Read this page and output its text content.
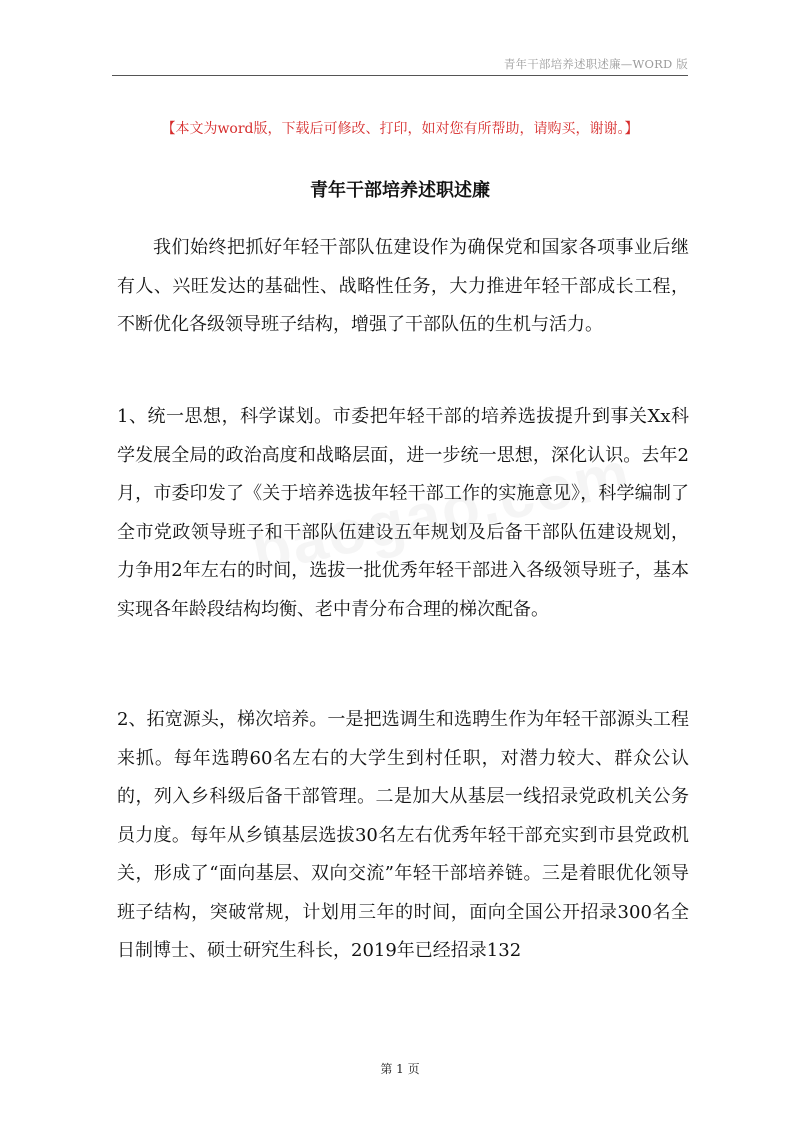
青年干部培养述职述廉—WORD 版
【本文为word版，下载后可修改、打印，如对您有所帮助，请购买，谢谢。】
青年干部培养述职述廉

我们始终把抓好年轻干部队伍建设作为确保党和国家各项事业后继有人、兴旺发达的基础性、战略性任务，大力推进年轻干部成长工程，不断优化各级领导班子结构，增强了干部队伍的生机与活力。

1、统一思想，科学谋划。市委把年轻干部的培养选拔提升到事关Xx科学发展全局的政治高度和战略层面，进一步统一思想，深化认识。去年2月，市委印发了《关于培养选拔年轻干部工作的实施意见》，科学编制了全市党政领导班子和干部队伍建设五年规划及后备干部队伍建设规划，力争用2年左右的时间，选拔一批优秀年轻干部进入各级领导班子，基本实现各年龄段结构均衡、老中青分布合理的梯次配备。

2、拓宽源头，梯次培养。一是把选调生和选聘生作为年轻干部源头工程来抓。每年选聘60名左右的大学生到村任职，对潜力较大、群众公认的，列入乡科级后备干部管理。二是加大从基层一线招录党政机关公务员力度。每年从乡镇基层选拔30名左右优秀年轻干部充实到市县党政机关，形成了“面向基层、双向交流”年轻干部培养链。三是着眼优化领导班子结构，突破常规，计划用三年的时间，面向全国公开招录300名全日制博士、硕士研究生科长，2019年已经招录132

第 1 页
